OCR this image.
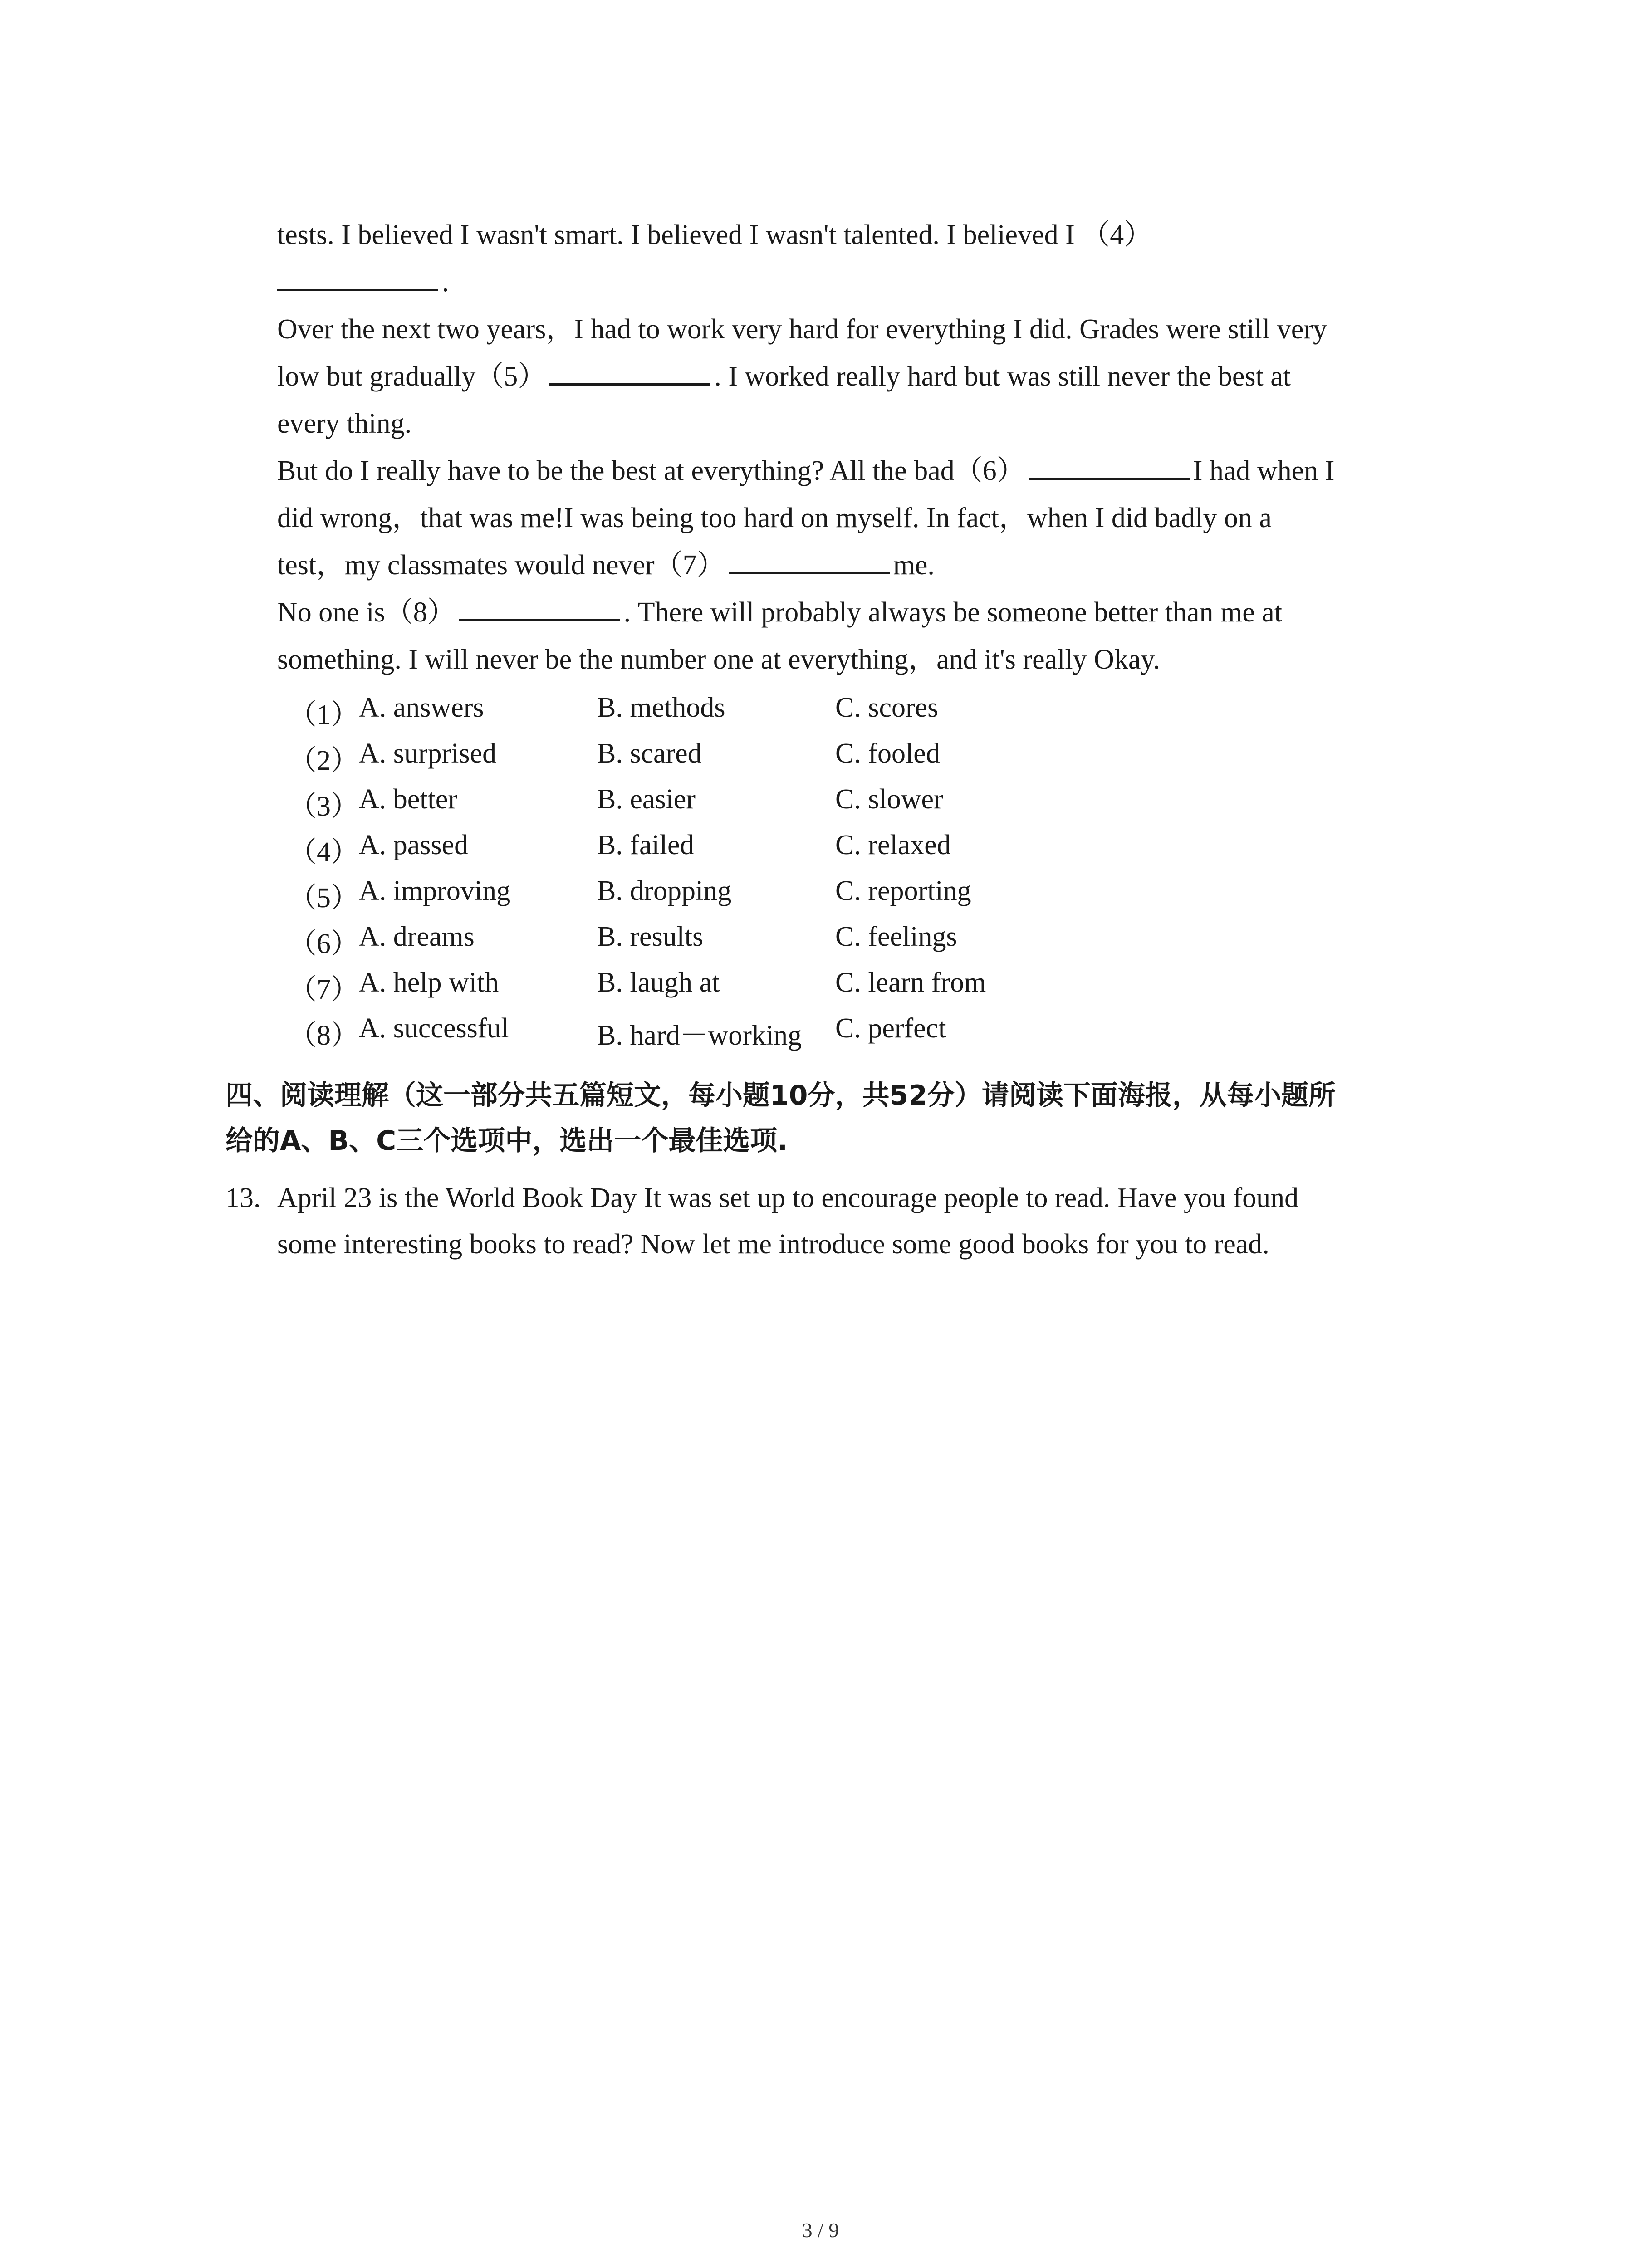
tests. I believed I wasn't smart. I believed I wasn't talented. I believed I （4）
.
Over the next two years，I had to work very hard for everything I did. Grades were still very
low but gradually（5）	. I worked really hard but was still never the best at
every thing.
But do I really have to be the best at everything? All the bad（6）	I had when I
did wrong，that was me!I was being too hard on myself. In fact，when I did badly on a
test，my classmates would never（7）	me.
No one is（8）	. There will probably always be someone better than me at
something. I will never be the number one at everything，and it's really Okay.
（1） A. answers	B. methods	C. scores
（2） A. surprised	B. scared	C. fooled
（3） A. better	B. easier	C. slower
（4） A. passed	B. failed	C. relaxed
（5） A. improving	B. dropping	C. reporting
（6） A. dreams	B. results	C. feelings
（7） A. help with	B. laugh at	C. learn from
（8） A. successful	B. hard－working C. perfect
四、阅读理解（这一部分共五篇短文，每小题10分，共52分）请阅读下面海报，从每小题所
给的A、B、C三个选项中，选出一个最佳选项.
13. April 23 is the World Book Day It was set up to encourage people to read. Have you found
some interesting books to read? Now let me introduce some good books for you to read.
3 / 9
